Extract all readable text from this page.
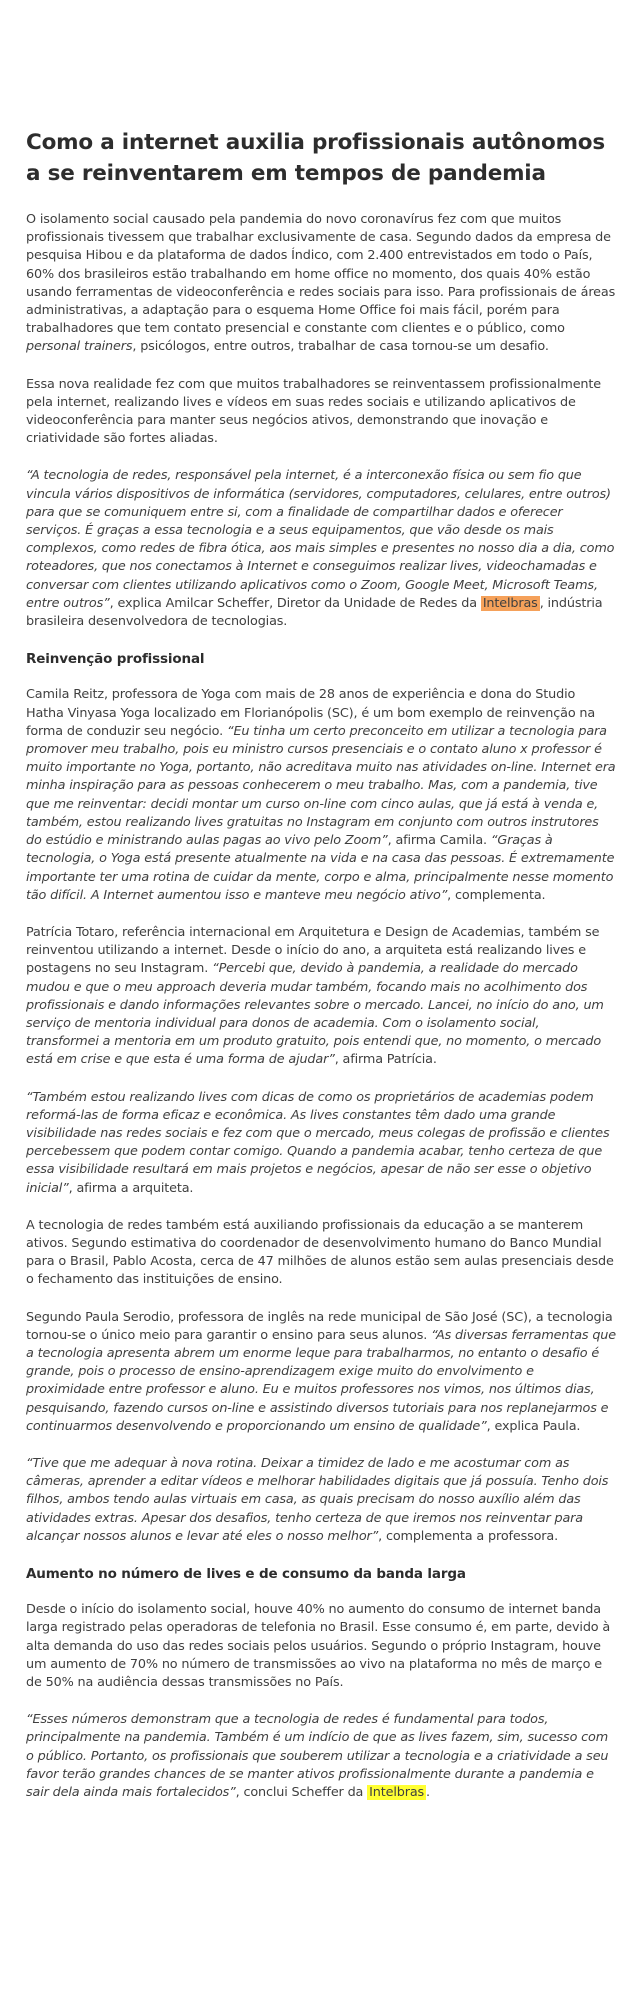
Como a internet auxilia profissionais autônomos a se reinventarem em tempos de pandemia

O isolamento social causado pela pandemia do novo coronavírus fez com que muitos profissionais tivessem que trabalhar exclusivamente de casa. Segundo dados da empresa de pesquisa Hibou e da plataforma de dados Índico, com 2.400 entrevistados em todo o País, 60% dos brasileiros estão trabalhando em home office no momento, dos quais 40% estão usando ferramentas de videoconferência e redes sociais para isso. Para profissionais de áreas administrativas, a adaptação para o esquema Home Office foi mais fácil, porém para trabalhadores que tem contato presencial e constante com clientes e o público, como personal trainers, psicólogos, entre outros, trabalhar de casa tornou-se um desafio.

Essa nova realidade fez com que muitos trabalhadores se reinventassem profissionalmente pela internet, realizando lives e vídeos em suas redes sociais e utilizando aplicativos de videoconferência para manter seus negócios ativos, demonstrando que inovação e criatividade são fortes aliadas.

“A tecnologia de redes, responsável pela internet, é a interconexão física ou sem fio que vincula vários dispositivos de informática (servidores, computadores, celulares, entre outros) para que se comuniquem entre si, com a finalidade de compartilhar dados e oferecer serviços. É graças a essa tecnologia e a seus equipamentos, que vão desde os mais complexos, como redes de fibra ótica, aos mais simples e presentes no nosso dia a dia, como roteadores, que nos conectamos à Internet e conseguimos realizar lives, videochamadas e conversar com clientes utilizando aplicativos como o Zoom, Google Meet, Microsoft Teams, entre outros”, explica Amilcar Scheffer, Diretor da Unidade de Redes da Intelbras , indústria brasileira desenvolvedora de tecnologias.

Reinvenção profissional

Camila Reitz, professora de Yoga com mais de 28 anos de experiência e dona do Studio Hatha Vinyasa Yoga localizado em Florianópolis (SC), é um bom exemplo de reinvenção na forma de conduzir seu negócio. “Eu tinha um certo preconceito em utilizar a tecnologia para promover meu trabalho, pois eu ministro cursos presenciais e o contato aluno x professor é muito importante no Yoga, portanto, não acreditava muito nas atividades on-line. Internet era minha inspiração para as pessoas conhecerem o meu trabalho. Mas, com a pandemia, tive que me reinventar: decidi montar um curso on-line com cinco aulas, que já está à venda e, também, estou realizando lives gratuitas no Instagram em conjunto com outros instrutores do estúdio e ministrando aulas pagas ao vivo pelo Zoom”, afirma Camila. “Graças à tecnologia, o Yoga está presente atualmente na vida e na casa das pessoas. É extremamente importante ter uma rotina de cuidar da mente, corpo e alma, principalmente nesse momento tão difícil. A Internet aumentou isso e manteve meu negócio ativo”, complementa.

Patrícia Totaro, referência internacional em Arquitetura e Design de Academias, também se reinventou utilizando a internet. Desde o início do ano, a arquiteta está realizando lives e postagens no seu Instagram. “Percebi que, devido à pandemia, a realidade do mercado mudou e que o meu approach deveria mudar também, focando mais no acolhimento dos profissionais e dando informações relevantes sobre o mercado. Lancei, no início do ano, um serviço de mentoria individual para donos de academia. Com o isolamento social, transformei a mentoria em um produto gratuito, pois entendi que, no momento, o mercado está em crise e que esta é uma forma de ajudar”, afirma Patrícia.

“Também estou realizando lives com dicas de como os proprietários de academias podem reformá-las de forma eficaz e econômica. As lives constantes têm dado uma grande visibilidade nas redes sociais e fez com que o mercado, meus colegas de profissão e clientes percebessem que podem contar comigo. Quando a pandemia acabar, tenho certeza de que essa visibilidade resultará em mais projetos e negócios, apesar de não ser esse o objetivo inicial”, afirma a arquiteta.

A tecnologia de redes também está auxiliando profissionais da educação a se manterem ativos. Segundo estimativa do coordenador de desenvolvimento humano do Banco Mundial para o Brasil, Pablo Acosta, cerca de 47 milhões de alunos estão sem aulas presenciais desde o fechamento das instituições de ensino.

Segundo Paula Serodio, professora de inglês na rede municipal de São José (SC), a tecnologia tornou-se o único meio para garantir o ensino para seus alunos. “As diversas ferramentas que a tecnologia apresenta abrem um enorme leque para trabalharmos, no entanto o desafio é grande, pois o processo de ensino-aprendizagem exige muito do envolvimento e proximidade entre professor e aluno. Eu e muitos professores nos vimos, nos últimos dias, pesquisando, fazendo cursos on-line e assistindo diversos tutoriais para nos replanejarmos e continuarmos desenvolvendo e proporcionando um ensino de qualidade”, explica Paula.

“Tive que me adequar à nova rotina. Deixar a timidez de lado e me acostumar com as câmeras, aprender a editar vídeos e melhorar habilidades digitais que já possuía. Tenho dois filhos, ambos tendo aulas virtuais em casa, as quais precisam do nosso auxílio além das atividades extras. Apesar dos desafios, tenho certeza de que iremos nos reinventar para alcançar nossos alunos e levar até eles o nosso melhor”, complementa a professora.

Aumento no número de lives e de consumo da banda larga

Desde o início do isolamento social, houve 40% no aumento do consumo de internet banda larga registrado pelas operadoras de telefonia no Brasil. Esse consumo é, em parte, devido à alta demanda do uso das redes sociais pelos usuários. Segundo o próprio Instagram, houve um aumento de 70% no número de transmissões ao vivo na plataforma no mês de março e de 50% na audiência dessas transmissões no País.

“Esses números demonstram que a tecnologia de redes é fundamental para todos, principalmente na pandemia. Também é um indício de que as lives fazem, sim, sucesso com o público. Portanto, os profissionais que souberem utilizar a tecnologia e a criatividade a seu favor terão grandes chances de se manter ativos profissionalmente durante a pandemia e sair dela ainda mais fortalecidos”, conclui Scheffer da Intelbras .
